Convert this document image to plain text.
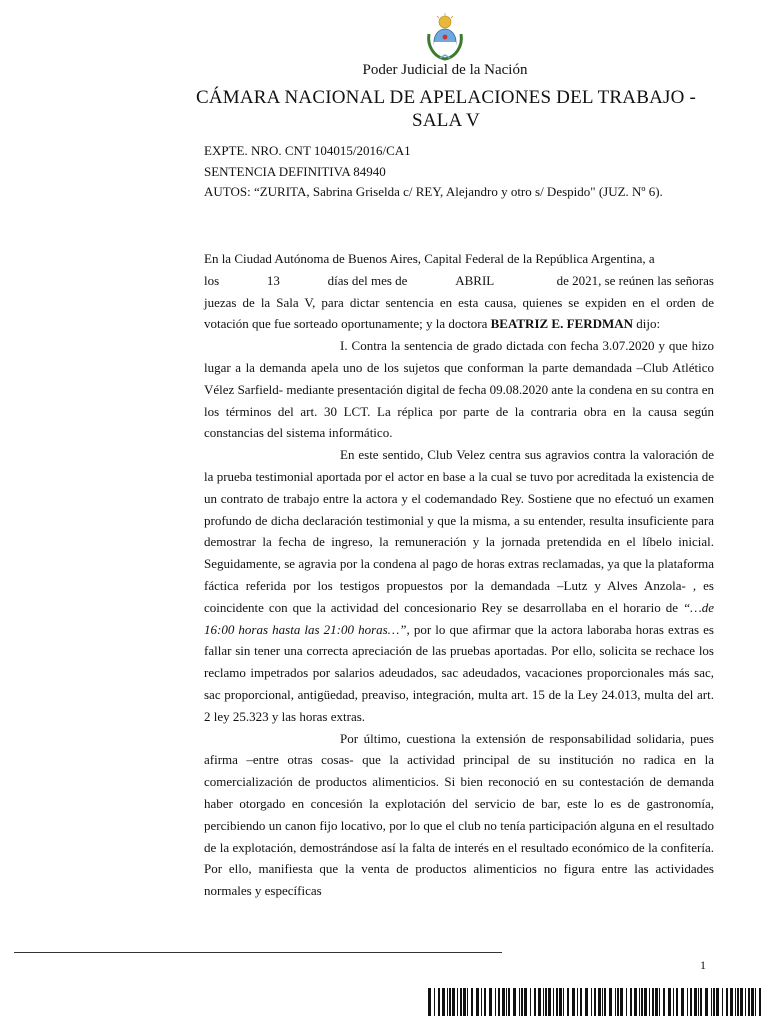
Poder Judicial de la Nación
CÁMARA NACIONAL DE APELACIONES DEL TRABAJO -
SALA V
EXPTE. NRO. CNT 104015/2016/CA1
SENTENCIA DEFINITIVA 84940
AUTOS: “ZURITA, Sabrina Griselda c/ REY, Alejandro y otro s/ Despido" (JUZ. Nº 6).

En la Ciudad Autónoma de Buenos Aires, Capital Federal de la República Argentina, a

los	13	días del mes de	ABRIL	de 2021, se reúnen las señoras

juezas de la Sala V, para dictar sentencia en esta causa, quienes se expiden en el orden de votación que fue sorteado oportunamente; y la doctora BEATRIZ E. FERDMAN dijo:

I. Contra la sentencia de grado dictada con fecha 3.07.2020 y que hizo lugar a la demanda apela uno de los sujetos que conforman la parte demandada –Club Atlético Vélez Sarfield- mediante presentación digital de fecha 09.08.2020 ante la condena en su contra en los términos del art. 30 LCT. La réplica por parte de la contraria obra en la causa según constancias del sistema informático.

En este sentido, Club Velez centra sus agravios contra la valoración de la prueba testimonial aportada por el actor en base a la cual se tuvo por acreditada la existencia de un contrato de trabajo entre la actora y el codemandado Rey. Sostiene que no efectuó un examen profundo de dicha declaración testimonial y que la misma, a su entender, resulta insuficiente para demostrar la fecha de ingreso, la remuneración y la jornada pretendida en el líbelo inicial. Seguidamente, se agravia por la condena al pago de horas extras reclamadas, ya que la plataforma fáctica referida por los testigos propuestos por la demandada –Lutz y Alves Anzola- , es coincidente con que la actividad del concesionario Rey se desarrollaba en el horario de “…de 16:00 horas hasta las 21:00 horas…”, por lo que afirmar que la actora laboraba horas extras es fallar sin tener una correcta apreciación de las pruebas aportadas. Por ello, solicita se rechace los reclamo impetrados por salarios adeudados, sac adeudados, vacaciones proporcionales más sac, sac proporcional, antigüedad, preaviso, integración, multa art. 15 de la Ley 24.013, multa del art. 2 ley 25.323 y las horas extras.

Por último, cuestiona la extensión de responsabilidad solidaria, pues afirma –entre otras cosas- que la actividad principal de su institución no radica en la comercialización de productos alimenticios. Si bien reconoció en su contestación de demanda haber otorgado en concesión la explotación del servicio de bar, este lo es de gastronomía, percibiendo un canon fijo locativo, por lo que el club no tenía participación alguna en el resultado de la explotación, demostrándose así la falta de interés en el resultado económico de la confitería. Por ello, manifiesta que la venta de productos alimenticios no figura entre las actividades normales y específicas

1
